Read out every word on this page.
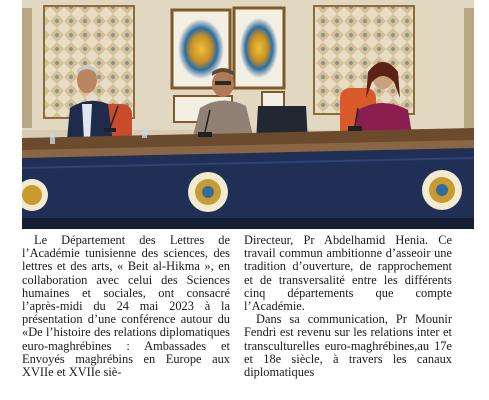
Le Département des Lettres de l’Académie tunisienne des sciences, des lettres et des arts, « Beit al-Hikma », en collaboration avec celui des Sciences humaines et sociales, ont consacré l’après-midi du 24 mai 2023 à la présentation d’une conférence autour du «De l’histoire des relations diplomatiques euro-maghrébines : Ambassades et Envoyés maghrébins en Europe aux XVIIe et XVIIe siè-

Directeur, Pr Abdelhamid Henia. Ce travail commun ambitionne d’asseoir une tradition d’ouverture, de rapprochement et de transversalité entre les différents cinq départements que compte l’Académie.

Dans sa communication, Pr Mounir Fendri est revenu sur les relations inter et transculturelles euro-maghrébines,au 17e et 18e siècle, à travers les canaux diplomatiques
